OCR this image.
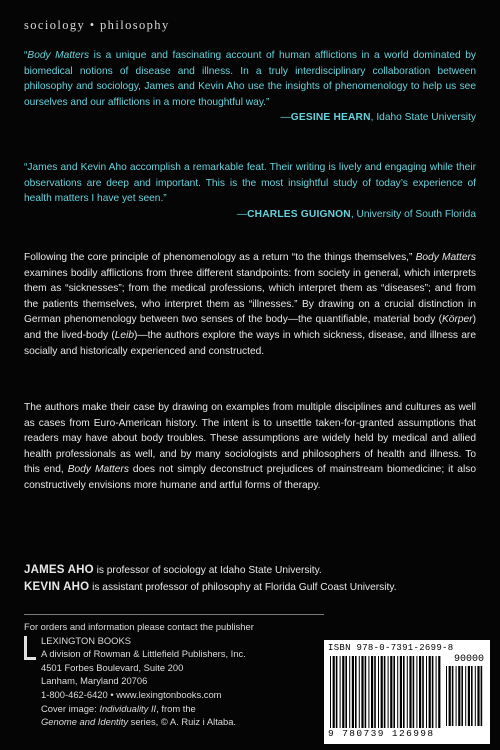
sociology • philosophy
“Body Matters is a unique and fascinating account of human afflictions in a world dominated by biomedical notions of disease and illness. In a truly interdisciplinary collaboration between philosophy and sociology, James and Kevin Aho use the insights of phenomenology to help us see ourselves and our afflictions in a more thoughtful way.”
—GESINE HEARN, Idaho State University
“James and Kevin Aho accomplish a remarkable feat. Their writing is lively and engaging while their observations are deep and important. This is the most insightful study of today’s experience of health matters I have yet seen.”
—CHARLES GUIGNON, University of South Florida
Following the core principle of phenomenology as a return “to the things themselves,” Body Matters examines bodily afflictions from three different standpoints: from society in general, which interprets them as “sicknesses”; from the medical professions, which interpret them as “diseases”; and from the patients themselves, who interpret them as “illnesses.” By drawing on a crucial distinction in German phenomenology between two senses of the body—the quantifiable, material body (Körper) and the lived-body (Leib)—the authors explore the ways in which sickness, disease, and illness are socially and historically experienced and constructed.
The authors make their case by drawing on examples from multiple disciplines and cultures as well as cases from Euro-American history. The intent is to unsettle taken-for-granted assumptions that readers may have about body troubles. These assumptions are widely held by medical and allied health professionals as well, and by many sociologists and philosophers of health and illness. To this end, Body Matters does not simply deconstruct prejudices of mainstream biomedicine; it also constructively envisions more humane and artful forms of therapy.
JAMES AHO is professor of sociology at Idaho State University.
KEVIN AHO is assistant professor of philosophy at Florida Gulf Coast University.
For orders and information please contact the publisher
LEXINGTON BOOKS
A division of Rowman & Littlefield Publishers, Inc.
4501 Forbes Boulevard, Suite 200
Lanham, Maryland 20706
1-800-462-6420 • www.lexingtonbooks.com
Cover image: Individuality II, from the
Genome and Identity series, © A. Ruiz i Altaba.
ISBN 978-0-7391-2699-8
90000
9 780739 126998
